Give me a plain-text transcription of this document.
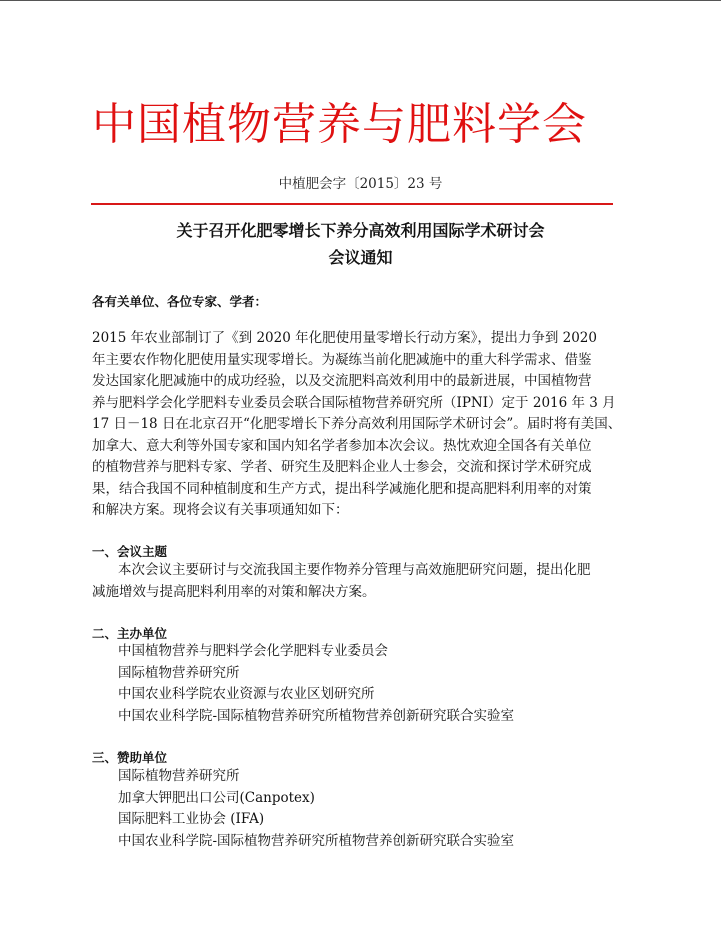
中国植物营养与肥料学会
中植肥会字〔2015〕23 号
关于召开化肥零增长下养分高效利用国际学术研讨会
会议通知
各有关单位、各位专家、学者：
2015 年农业部制订了《到 2020 年化肥使用量零增长行动方案》，提出力争到 2020
年主要农作物化肥使用量实现零增长。为凝练当前化肥减施中的重大科学需求、借鉴
发达国家化肥减施中的成功经验，以及交流肥料高效利用中的最新进展，中国植物营
养与肥料学会化学肥料专业委员会联合国际植物营养研究所（IPNI）定于 2016 年 3 月
17 日－18 日在北京召开“化肥零增长下养分高效利用国际学术研讨会”。届时将有美国、
加拿大、意大利等外国专家和国内知名学者参加本次会议。热忱欢迎全国各有关单位
的植物营养与肥料专家、学者、研究生及肥料企业人士参会，交流和探讨学术研究成
果，结合我国不同种植制度和生产方式，提出科学减施化肥和提高肥料利用率的对策
和解决方案。现将会议有关事项通知如下：
一、会议主题
本次会议主要研讨与交流我国主要作物养分管理与高效施肥研究问题，提出化肥
减施增效与提高肥料利用率的对策和解决方案。
二、主办单位
中国植物营养与肥料学会化学肥料专业委员会
国际植物营养研究所
中国农业科学院农业资源与农业区划研究所
中国农业科学院-国际植物营养研究所植物营养创新研究联合实验室
三、赞助单位
国际植物营养研究所
加拿大钾肥出口公司(Canpotex)
国际肥料工业协会 (IFA)
中国农业科学院-国际植物营养研究所植物营养创新研究联合实验室
